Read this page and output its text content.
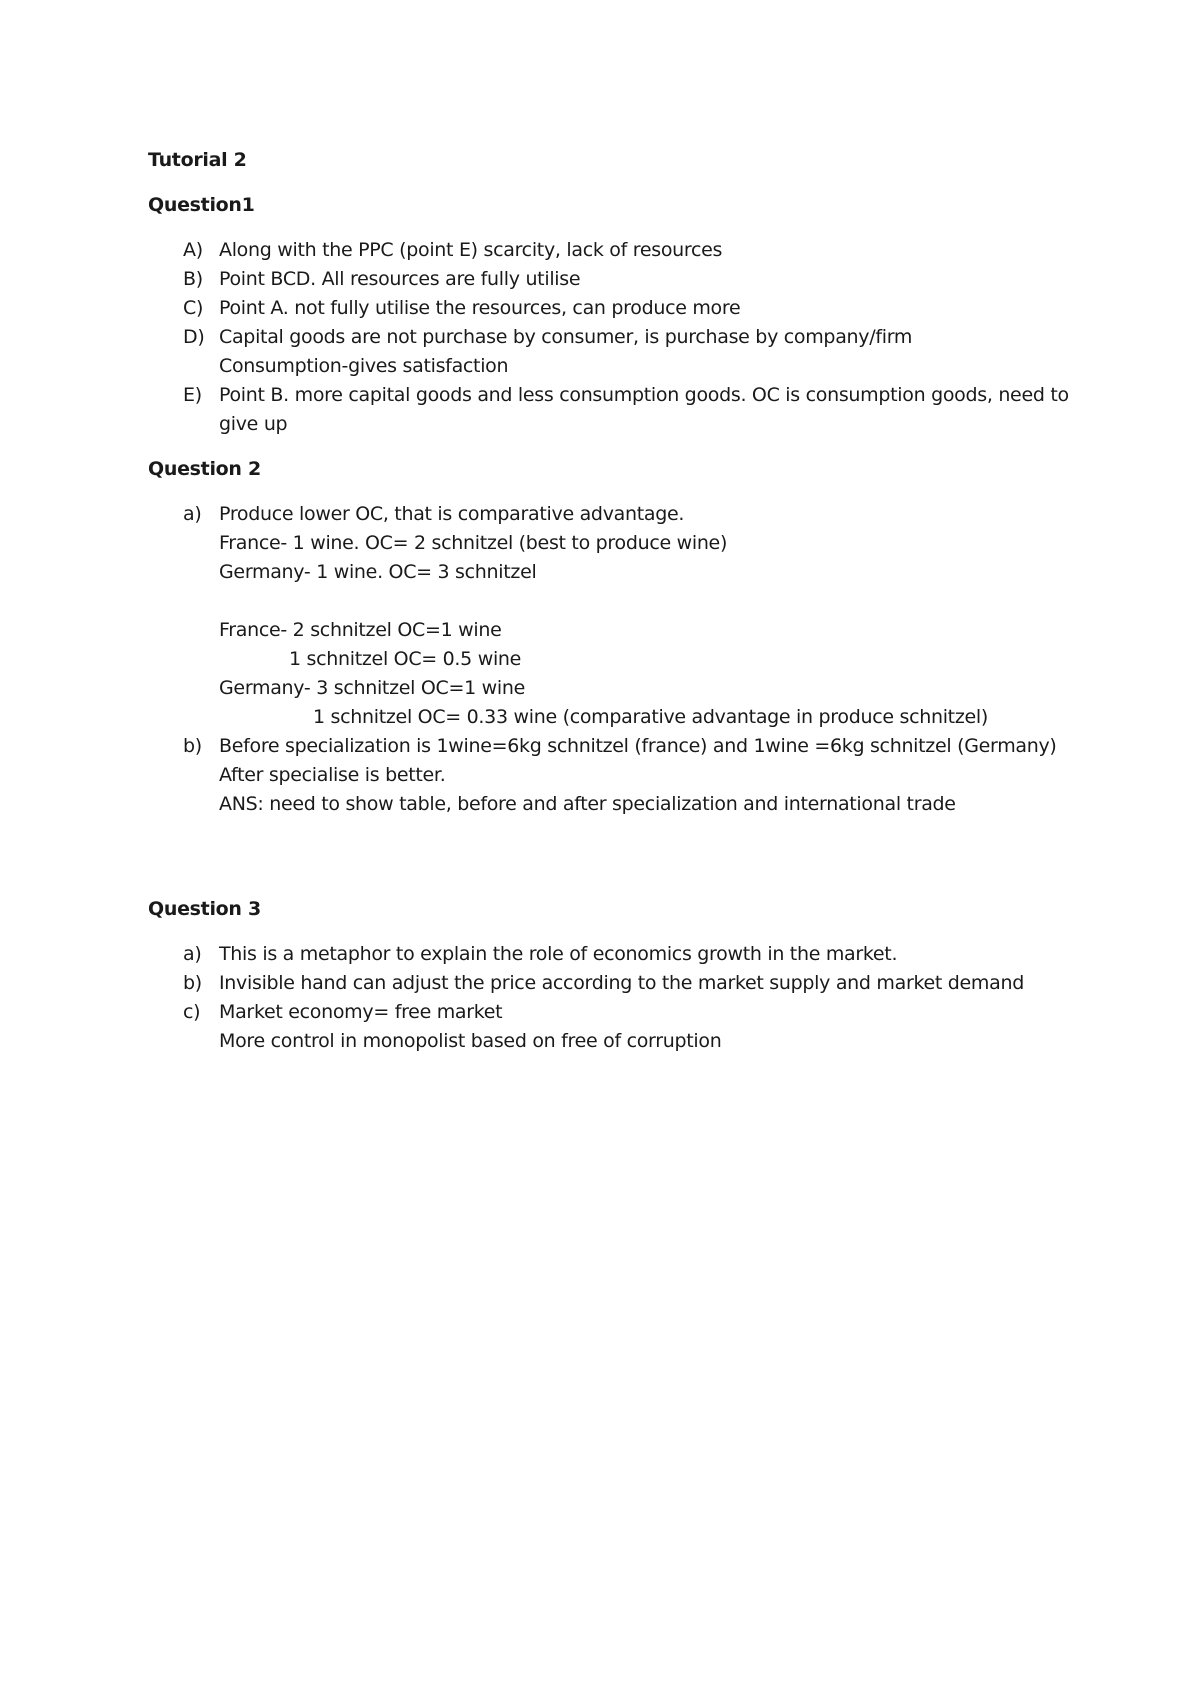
Tutorial 2
Question1
A) Along with the PPC (point E) scarcity, lack of resources
B) Point BCD. All resources are fully utilise
C) Point A. not fully utilise the resources, can produce more
D) Capital goods are not purchase by consumer, is purchase by company/firm
Consumption-gives satisfaction
E) Point B. more capital goods and less consumption goods. OC is consumption goods, need to
give up
Question 2
a) Produce lower OC, that is comparative advantage.
France- 1 wine. OC= 2 schnitzel (best to produce wine)
Germany- 1 wine. OC= 3 schnitzel
France- 2 schnitzel OC=1 wine
1 schnitzel OC= 0.5 wine
Germany- 3 schnitzel OC=1 wine
1 schnitzel OC= 0.33 wine (comparative advantage in produce schnitzel)
b) Before specialization is 1wine=6kg schnitzel (france) and 1wine =6kg schnitzel (Germany)
After specialise is better.
ANS: need to show table, before and after specialization and international trade
Question 3
a) This is a metaphor to explain the role of economics growth in the market.
b) Invisible hand can adjust the price according to the market supply and market demand
c) Market economy= free market
More control in monopolist based on free of corruption
